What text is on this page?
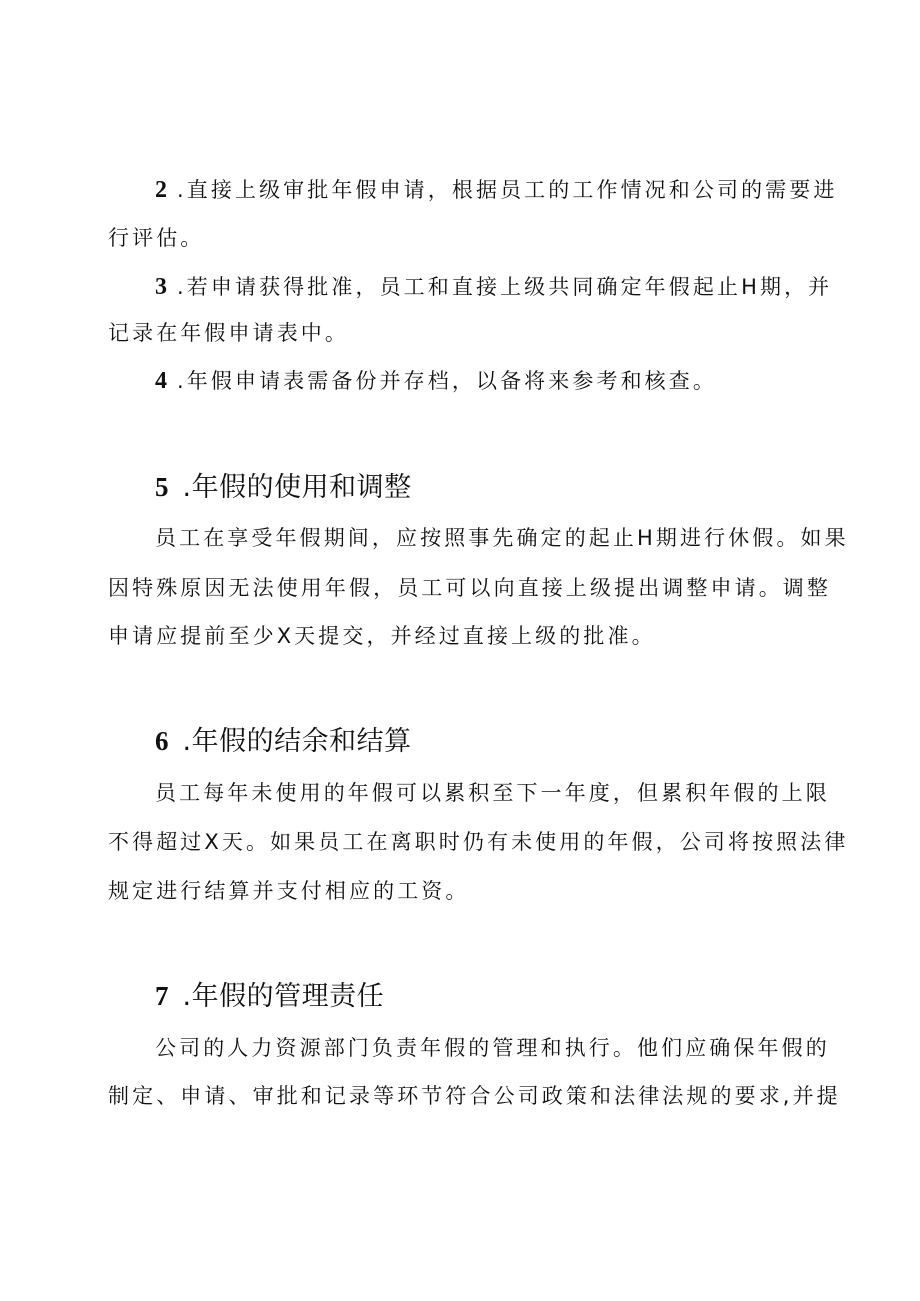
2 .直接上级审批年假申请，根据员工的工作情况和公司的需要进
行评估。
3 .若申请获得批准，员工和直接上级共同确定年假起止H期，并
记录在年假申请表中。
4 .年假申请表需备份并存档，以备将来参考和核查。
5 .年假的使用和调整
员工在享受年假期间，应按照事先确定的起止H期进行休假。如果
因特殊原因无法使用年假，员工可以向直接上级提出调整申请。调整
申请应提前至少X天提交，并经过直接上级的批准。
6 .年假的结余和结算
员工每年未使用的年假可以累积至下一年度，但累积年假的上限
不得超过X天。如果员工在离职时仍有未使用的年假，公司将按照法律
规定进行结算并支付相应的工资。
7 .年假的管理责任
公司的人力资源部门负责年假的管理和执行。他们应确保年假的
制定、申请、审批和记录等环节符合公司政策和法律法规的要求,并提
